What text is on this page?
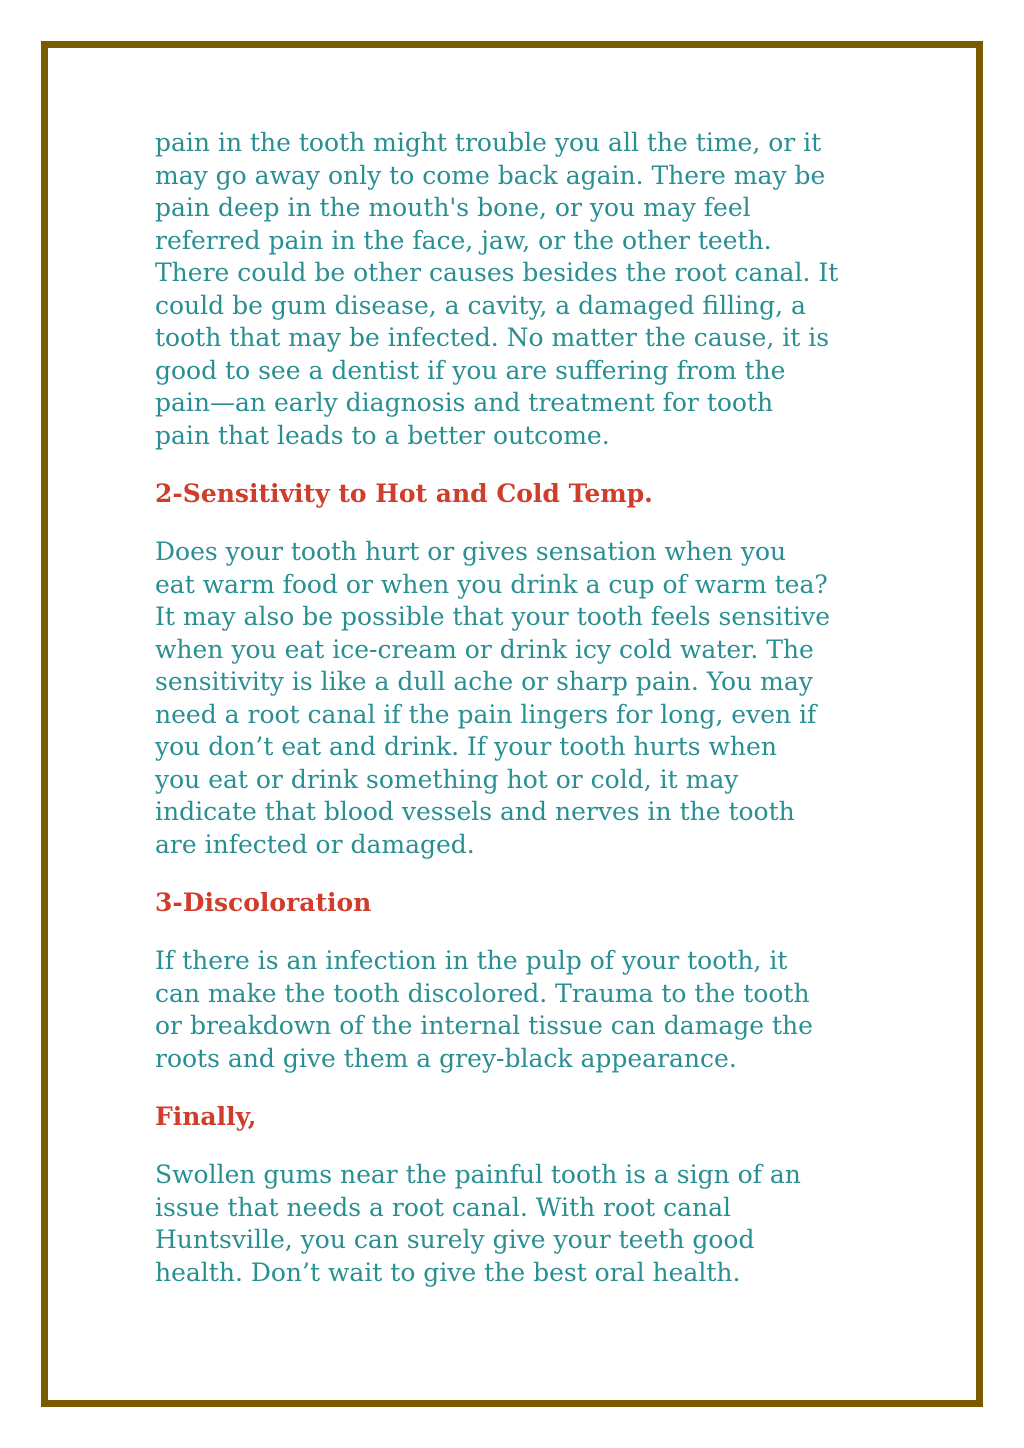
pain in the tooth might trouble you all the time, or it
may go away only to come back again. There may be
pain deep in the mouth's bone, or you may feel
referred pain in the face, jaw, or the other teeth.
There could be other causes besides the root canal. It
could be gum disease, a cavity, a damaged filling, a
tooth that may be infected. No matter the cause, it is
good to see a dentist if you are suffering from the
pain—an early diagnosis and treatment for tooth
pain that leads to a better outcome.

2-Sensitivity to Hot and Cold Temp.

Does your tooth hurt or gives sensation when you
eat warm food or when you drink a cup of warm tea?
It may also be possible that your tooth feels sensitive
when you eat ice-cream or drink icy cold water. The
sensitivity is like a dull ache or sharp pain. You may
need a root canal if the pain lingers for long, even if
you don’t eat and drink. If your tooth hurts when
you eat or drink something hot or cold, it may
indicate that blood vessels and nerves in the tooth
are infected or damaged.

3-Discoloration

If there is an infection in the pulp of your tooth, it
can make the tooth discolored. Trauma to the tooth
or breakdown of the internal tissue can damage the
roots and give them a grey-black appearance.

Finally,

Swollen gums near the painful tooth is a sign of an
issue that needs a root canal. With root canal
Huntsville, you can surely give your teeth good
health. Don’t wait to give the best oral health.
